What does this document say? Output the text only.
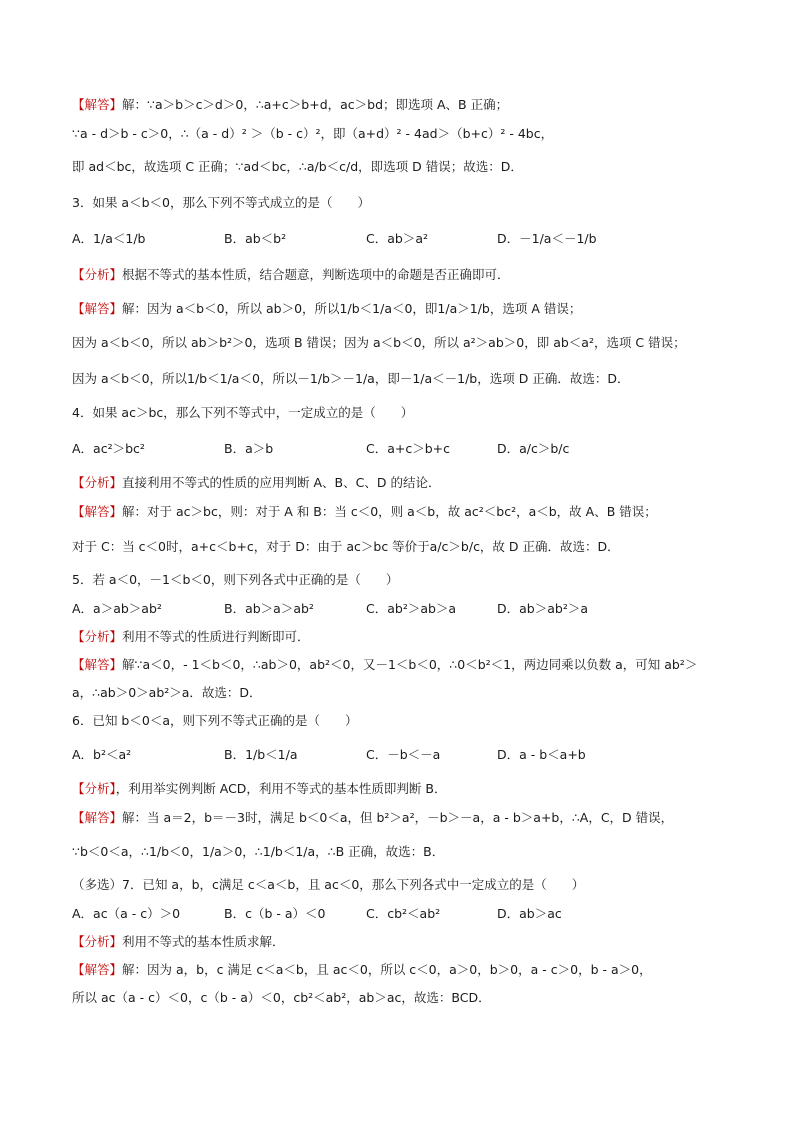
【解答】解：∵a＞b＞c＞d＞0，∴a+c＞b+d，ac＞bd；即选项 A、B 正确；
∵a - d＞b - c＞0，∴（a - d）² ＞（b - c）²，即（a+d）² - 4ad＞（b+c）² - 4bc，
即 ad＜bc，故选项 C 正确；∵ad＜bc，∴a/b＜c/d，即选项 D 错误；故选：D．
3．如果 a＜b＜0，那么下列不等式成立的是（　　）
A．1/a＜1/b	B．ab＜b²	C．ab＞a²	D．－1/a＜－1/b
【分析】根据不等式的基本性质，结合题意，判断选项中的命题是否正确即可．
【解答】解：因为 a＜b＜0，所以 ab＞0，所以1/b＜1/a＜0，即1/a＞1/b，选项 A 错误；
因为 a＜b＜0，所以 ab＞b²＞0，选项 B 错误；因为 a＜b＜0，所以 a²＞ab＞0，即 ab＜a²，选项 C 错误；
因为 a＜b＜0，所以1/b＜1/a＜0，所以－1/b＞－1/a，即－1/a＜－1/b，选项 D 正确．故选：D．
4．如果 ac＞bc，那么下列不等式中，一定成立的是（　　）
A．ac²＞bc²	B．a＞b	C．a+c＞b+c	D．a/c＞b/c
【分析】直接利用不等式的性质的应用判断 A、B、C、D 的结论．
【解答】解：对于 ac＞bc，则：对于 A 和 B：当 c＜0，则 a＜b，故 ac²＜bc²，a＜b，故 A、B 错误；
对于 C：当 c＜0时，a+c＜b+c，对于 D：由于 ac＞bc 等价于a/c＞b/c，故 D 正确．故选：D．
5．若 a＜0，－1＜b＜0，则下列各式中正确的是（　　）
A．a＞ab＞ab²	B．ab＞a＞ab²	C．ab²＞ab＞a	D．ab＞ab²＞a
【分析】利用不等式的性质进行判断即可．
【解答】解∵a＜0，- 1＜b＜0，∴ab＞0，ab²＜0，又－1＜b＜0，∴0＜b²＜1，两边同乘以负数 a，可知 ab²＞
a，∴ab＞0＞ab²＞a．故选：D．
6．已知 b＜0＜a，则下列不等式正确的是（　　）
A．b²＜a²	B．1/b＜1/a	C．－b＜－a	D．a - b＜a+b
【分析】，利用举实例判断 ACD，利用不等式的基本性质即判断 B．
【解答】解：当 a＝2，b＝－3时，满足 b＜0＜a，但 b²＞a²，－b＞－a，a - b＞a+b，∴A，C，D 错误，
∵b＜0＜a，∴1/b＜0，1/a＞0，∴1/b＜1/a，∴B 正确，故选：B．
（多选）7．已知 a，b，c满足 c＜a＜b，且 ac＜0，那么下列各式中一定成立的是（　　）
A．ac（a - c）＞0	B．c（b - a）＜0	C．cb²＜ab²	D．ab＞ac
【分析】利用不等式的基本性质求解．
【解答】解：因为 a，b，c 满足 c＜a＜b，且 ac＜0，所以 c＜0，a＞0，b＞0，a - c＞0，b - a＞0，
所以 ac（a - c）＜0，c（b - a）＜0，cb²＜ab²，ab＞ac，故选：BCD．
